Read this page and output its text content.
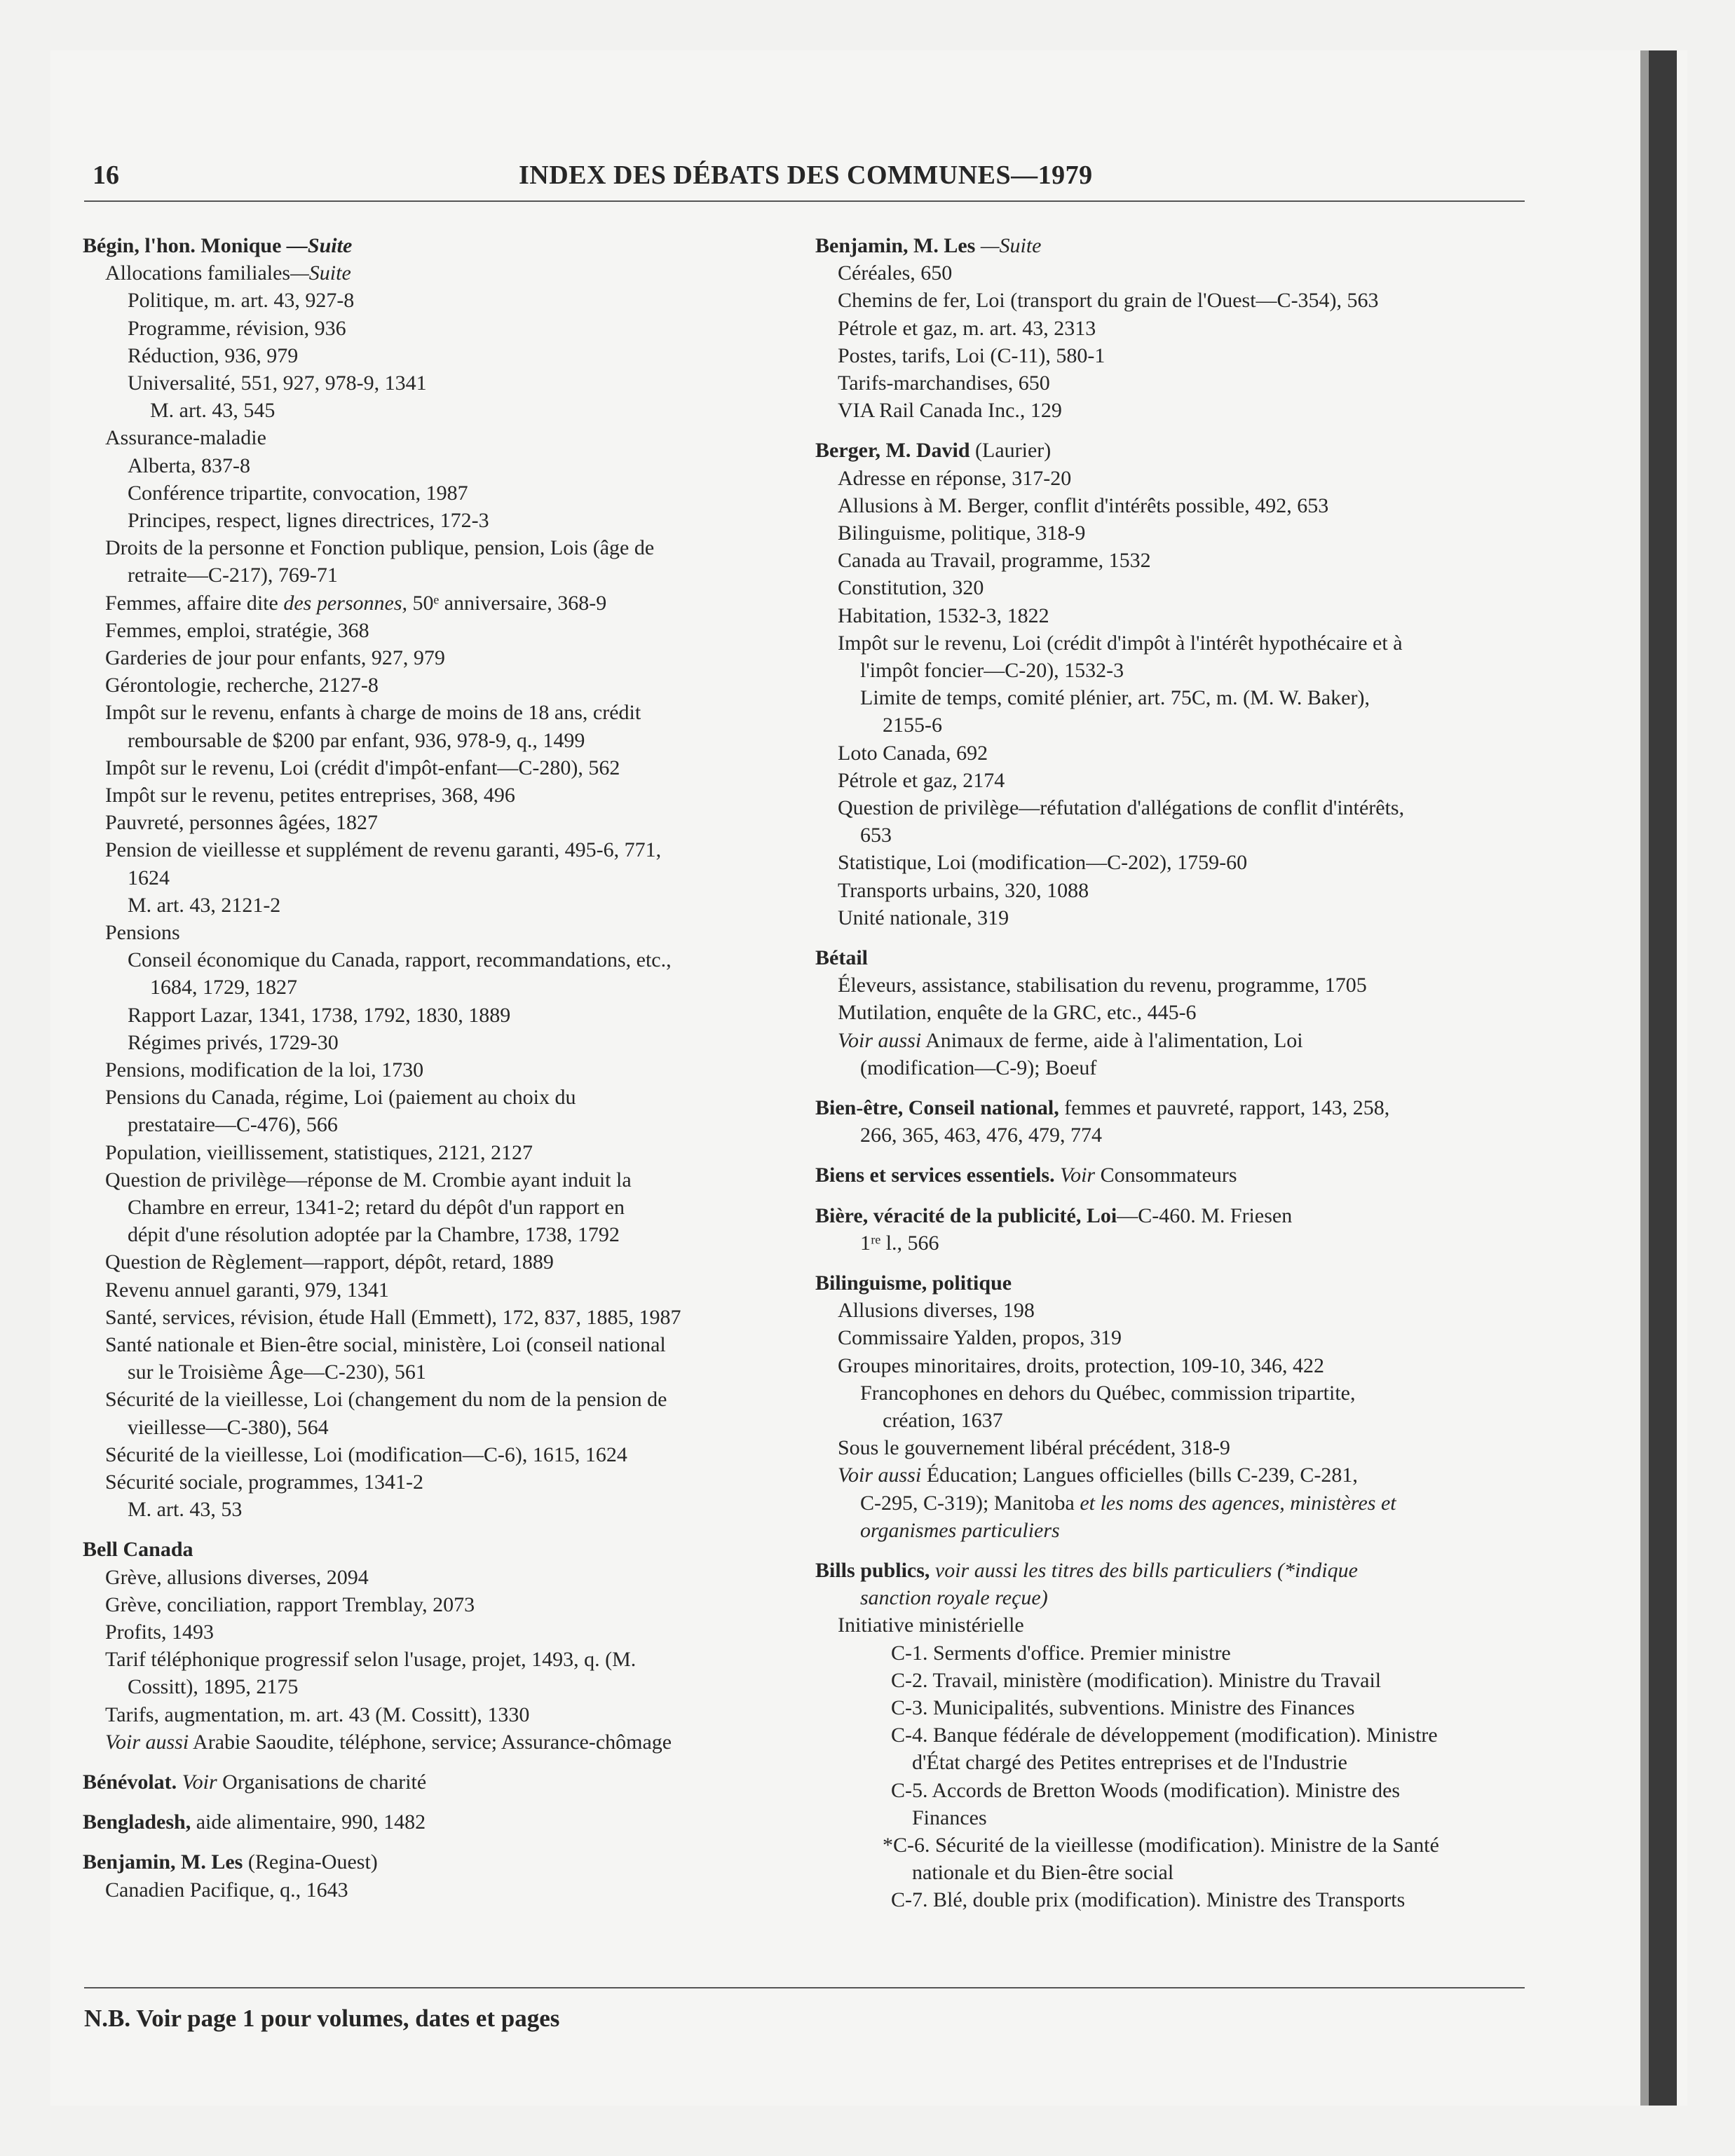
16	INDEX DES DÉBATS DES COMMUNES—1979
Bégin, l'hon. Monique —Suite
Allocations familiales—Suite
Politique, m. art. 43, 927-8
Programme, révision, 936
Réduction, 936, 979
Universalité, 551, 927, 978-9, 1341
M. art. 43, 545
Assurance-maladie
Alberta, 837-8
Conférence tripartite, convocation, 1987
Principes, respect, lignes directrices, 172-3
Droits de la personne et Fonction publique, pension, Lois (âge de
retraite—C-217), 769-71
Femmes, affaire dite des personnes, 50ᵉ anniversaire, 368-9
Femmes, emploi, stratégie, 368
Garderies de jour pour enfants, 927, 979
Gérontologie, recherche, 2127-8
Impôt sur le revenu, enfants à charge de moins de 18 ans, crédit
remboursable de $200 par enfant, 936, 978-9, q., 1499
Impôt sur le revenu, Loi (crédit d'impôt-enfant—C-280), 562
Impôt sur le revenu, petites entreprises, 368, 496
Pauvreté, personnes âgées, 1827
Pension de vieillesse et supplément de revenu garanti, 495-6, 771,
1624
M. art. 43, 2121-2
Pensions
Conseil économique du Canada, rapport, recommandations, etc.,
1684, 1729, 1827
Rapport Lazar, 1341, 1738, 1792, 1830, 1889
Régimes privés, 1729-30
Pensions, modification de la loi, 1730
Pensions du Canada, régime, Loi (paiement au choix du
prestataire—C-476), 566
Population, vieillissement, statistiques, 2121, 2127
Question de privilège—réponse de M. Crombie ayant induit la
Chambre en erreur, 1341-2; retard du dépôt d'un rapport en
dépit d'une résolution adoptée par la Chambre, 1738, 1792
Question de Règlement—rapport, dépôt, retard, 1889
Revenu annuel garanti, 979, 1341
Santé, services, révision, étude Hall (Emmett), 172, 837, 1885, 1987
Santé nationale et Bien-être social, ministère, Loi (conseil national
sur le Troisième Âge—C-230), 561
Sécurité de la vieillesse, Loi (changement du nom de la pension de
vieillesse—C-380), 564
Sécurité de la vieillesse, Loi (modification—C-6), 1615, 1624
Sécurité sociale, programmes, 1341-2
M. art. 43, 53
Bell Canada
Grève, allusions diverses, 2094
Grève, conciliation, rapport Tremblay, 2073
Profits, 1493
Tarif téléphonique progressif selon l'usage, projet, 1493, q. (M.
Cossitt), 1895, 2175
Tarifs, augmentation, m. art. 43 (M. Cossitt), 1330
Voir aussi Arabie Saoudite, téléphone, service; Assurance-chômage
Bénévolat. Voir Organisations de charité
Bengladesh, aide alimentaire, 990, 1482
Benjamin, M. Les (Regina-Ouest)
Canadien Pacifique, q., 1643
Benjamin, M. Les —Suite
Céréales, 650
Chemins de fer, Loi (transport du grain de l'Ouest—C-354), 563
Pétrole et gaz, m. art. 43, 2313
Postes, tarifs, Loi (C-11), 580-1
Tarifs-marchandises, 650
VIA Rail Canada Inc., 129
Berger, M. David (Laurier)
Adresse en réponse, 317-20
Allusions à M. Berger, conflit d'intérêts possible, 492, 653
Bilinguisme, politique, 318-9
Canada au Travail, programme, 1532
Constitution, 320
Habitation, 1532-3, 1822
Impôt sur le revenu, Loi (crédit d'impôt à l'intérêt hypothécaire et à
l'impôt foncier—C-20), 1532-3
Limite de temps, comité plénier, art. 75C, m. (M. W. Baker),
2155-6
Loto Canada, 692
Pétrole et gaz, 2174
Question de privilège—réfutation d'allégations de conflit d'intérêts,
653
Statistique, Loi (modification—C-202), 1759-60
Transports urbains, 320, 1088
Unité nationale, 319
Bétail
Éleveurs, assistance, stabilisation du revenu, programme, 1705
Mutilation, enquête de la GRC, etc., 445-6
Voir aussi Animaux de ferme, aide à l'alimentation, Loi
(modification—C-9); Boeuf
Bien-être, Conseil national, femmes et pauvreté, rapport, 143, 258,
266, 365, 463, 476, 479, 774
Biens et services essentiels. Voir Consommateurs
Bière, véracité de la publicité, Loi—C-460. M. Friesen
1ʳᵉ l., 566
Bilinguisme, politique
Allusions diverses, 198
Commissaire Yalden, propos, 319
Groupes minoritaires, droits, protection, 109-10, 346, 422
Francophones en dehors du Québec, commission tripartite,
création, 1637
Sous le gouvernement libéral précédent, 318-9
Voir aussi Éducation; Langues officielles (bills C-239, C-281,
C-295, C-319); Manitoba et les noms des agences, ministères et
organismes particuliers
Bills publics, voir aussi les titres des bills particuliers (*indique
sanction royale reçue)
Initiative ministérielle
C-1. Serments d'office. Premier ministre
C-2. Travail, ministère (modification). Ministre du Travail
C-3. Municipalités, subventions. Ministre des Finances
C-4. Banque fédérale de développement (modification). Ministre
d'État chargé des Petites entreprises et de l'Industrie
C-5. Accords de Bretton Woods (modification). Ministre des
Finances
*C-6. Sécurité de la vieillesse (modification). Ministre de la Santé
nationale et du Bien-être social
C-7. Blé, double prix (modification). Ministre des Transports
N.B. Voir page 1 pour volumes, dates et pages
